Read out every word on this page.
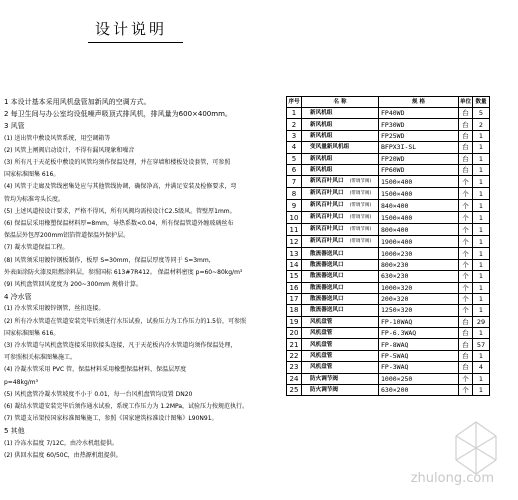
设计说明
1 本设计基本采用风机盘管加新风的空调方式。
2 每卫生间与办公室均设低噪声吸顶式排风机，排风量为600×400mm。
3 风管
(1) 送出管中敷设风管系统，用空调箱等
(2) 风管上闸阀启动设计，不得有漏风现象和噪音
(3) 所有凡于天花板中敷设的风管均须作保温处理，并在穿墙和楼板处设套管，可参照
国家标准图集 616。
(4) 风管于走廊及管线密集处应与其他管线协调，确保净高，并满足安装及检修要求，弯
管均为标准弯头长度。
(5) 上述风道按设计要求，严格不得风，所有风阀均需按设计C2.5级风。管壁厚1mm。
(6) 保温层采用橡塑保温材料厚=8mm，导热系数<0.04，所有保温管道外缠玻璃丝布
保温层外包厚200mm铝箔管道保温外保护层。
(7) 凝水管道保温工程。
(8) 风管须采用镀锌钢板制作，板厚 S=30mm，保温层厚度等同于 S=3mm，
外表面涂防火漆及阻燃涂料层，参照国标 613#7R412。 保温材料密度 p=60~80kg/m³
(9) 风机盘管回风宽度为 200~300mm 规格计算。
4 冷水管
(1) 冷水管采用镀锌钢管，丝扣连接。
(2) 所有冷水管道在管道安装完毕后须进行水压试验，试验压力为工作压力的1.5倍，可参照
国家标准图集 616。
(3) 冷水管道与风机盘管连接采用软接头连接，凡于天花板内冷水管道均须作保温处理，
可参照相关标准图集施工。
(4) 冷凝水管采用 PVC 管，保温材料采用橡塑保温材料，保温层厚度
p=48kg/m³
(5) 风机盘管冷凝水管坡度不小于 0.01，每一台风机盘管均设置 DN20
(6) 凝结水管道安装完毕后须作通水试验，系统工作压力为 1.2MPa，试验压力按规范执行。
(7) 管道支吊架按国家标准图集施工，参照《国家建筑标准设计图集》L90N91。
5 其他
(1) 冷冻水温度 7/12C，由冷水机组提供。
(2) 供回水温度 60/50C，由热源机组提供。
序号	名 称	规 格	单位	数量
1	新风机组	FP40WD	台	5
2	新风机组	FP30WD	台	2
3	新风机组	FP25WD	台	1
4	变风量新风机组	BFPX3I-SL	台	1
5	新风机组	FP20WD	台	1
6	新风机组	FP60WD	台	1
7	新风百叶风口 (带调节阀)	1500×400	个	1
8	新风百叶风口 (带调节阀)	1500×400	个	1
9	新风百叶风口 (带调节阀)	840×400	个	1
10	新风百叶风口 (带调节阀)	1500×400	个	1
11	新风百叶风口 (带调节阀)	800×400	个	1
12	新风百叶风口 (带调节阀)	1900×400	个	1
13	散流器送风口	1000×230	个	1
14	散流器送风口	800×230	个	1
15	散流器送风口	630×230	个	1
16	散流器送风口	1000×320	个	1
17	散流器送风口	200×320	个	1
18	散流器送风口	1250×320	个	1
19	风机盘管	FP-10WAQ	台	29
20	风机盘管	FP-6.3WAQ	台	1
21	风机盘管	FP-8WAQ	台	57
22	风机盘管	FP-5WAQ	台	1
23	风机盘管	FP-3WAQ	台	4
24	防火调节阀	1000×250	个	1
25	防火调节阀	630×200	个	1
zhulong.com
